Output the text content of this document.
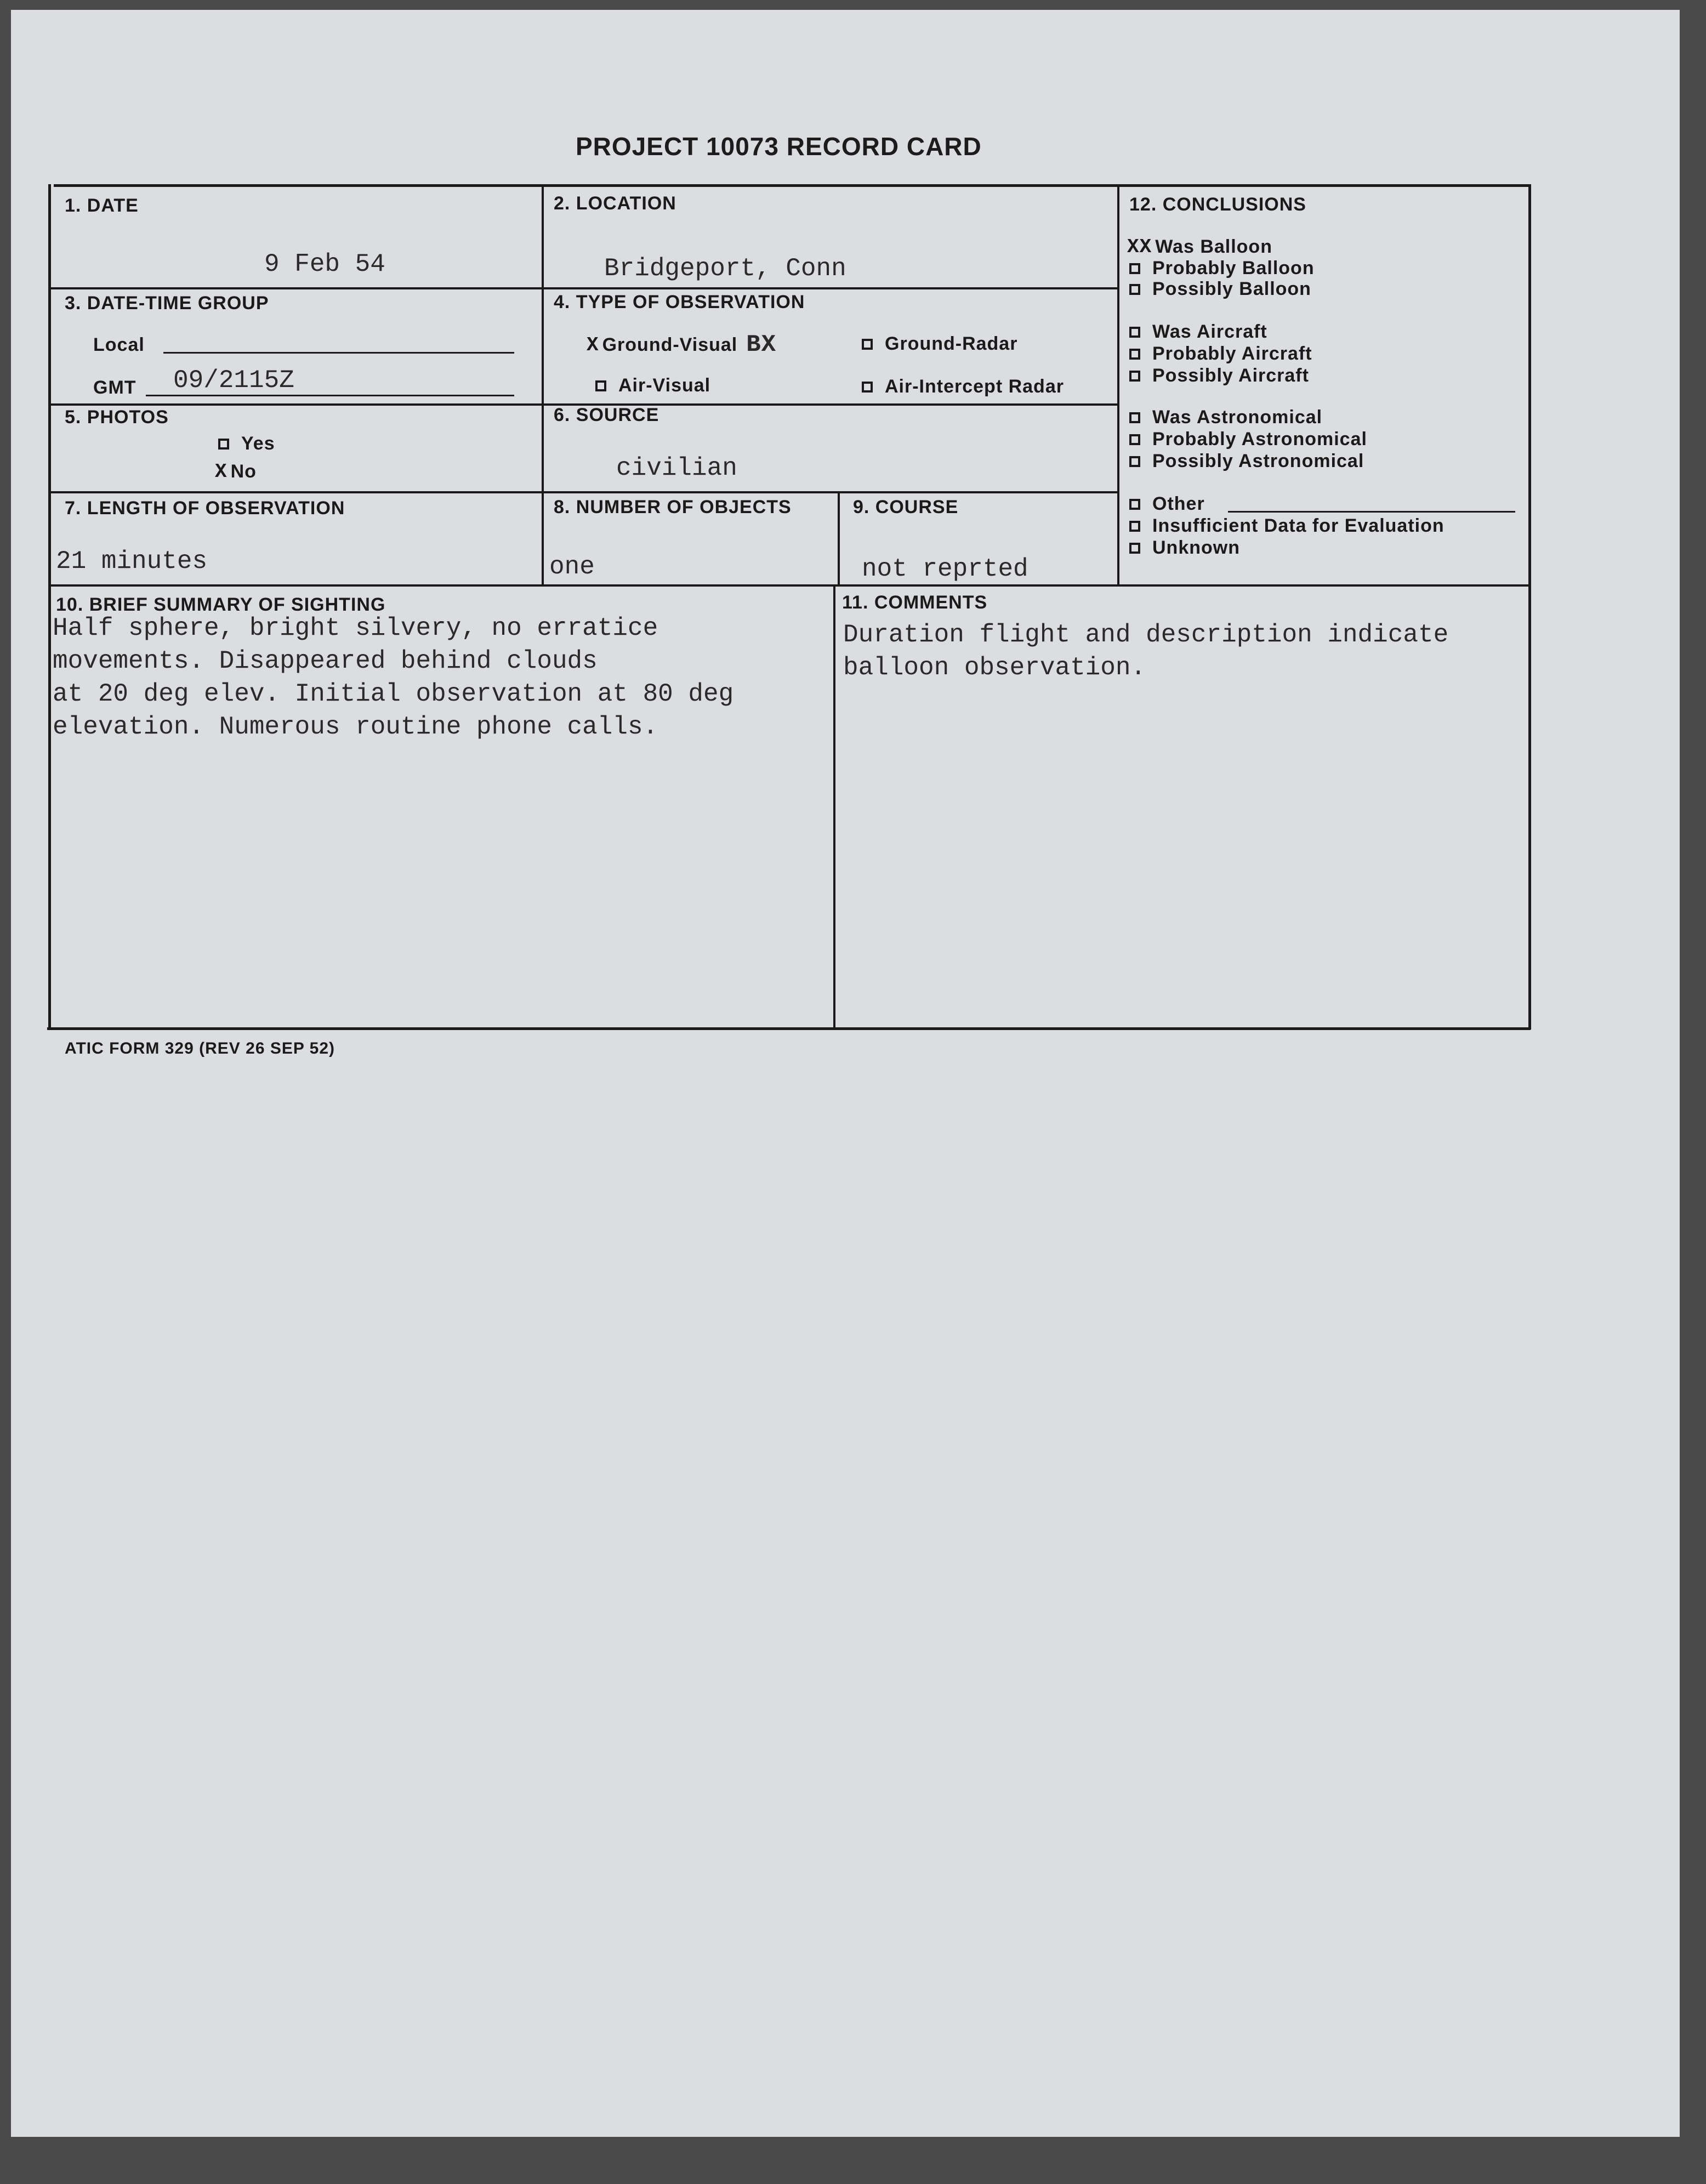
PROJECT 10073 RECORD CARD
1. DATE
9 Feb 54
2. LOCATION
Bridgeport, Conn
3. DATE-TIME GROUP
Local
GMT 09/2115Z
4. TYPE OF OBSERVATION
X Ground-Visual BX	Ground-Radar
Air-Visual	Air-Intercept Radar
5. PHOTOS
Yes
X No
6. SOURCE
civilian
7. LENGTH OF OBSERVATION
21 minutes
8. NUMBER OF OBJECTS
one
9. COURSE
not reprted
10. BRIEF SUMMARY OF SIGHTING
Half sphere, bright silvery, no erratice
movements. Disappeared behind clouds
at 20 deg elev. Initial observation at 80 deg
elevation. Numerous routine phone calls.
11. COMMENTS
Duration flight and description indicate
balloon observation.
12. CONCLUSIONS
XX Was Balloon
Probably Balloon
Possibly Balloon
Was Aircraft
Probably Aircraft
Possibly Aircraft
Was Astronomical
Probably Astronomical
Possibly Astronomical
Other
Insufficient Data for Evaluation
Unknown
ATIC FORM 329 (REV 26 SEP 52)
